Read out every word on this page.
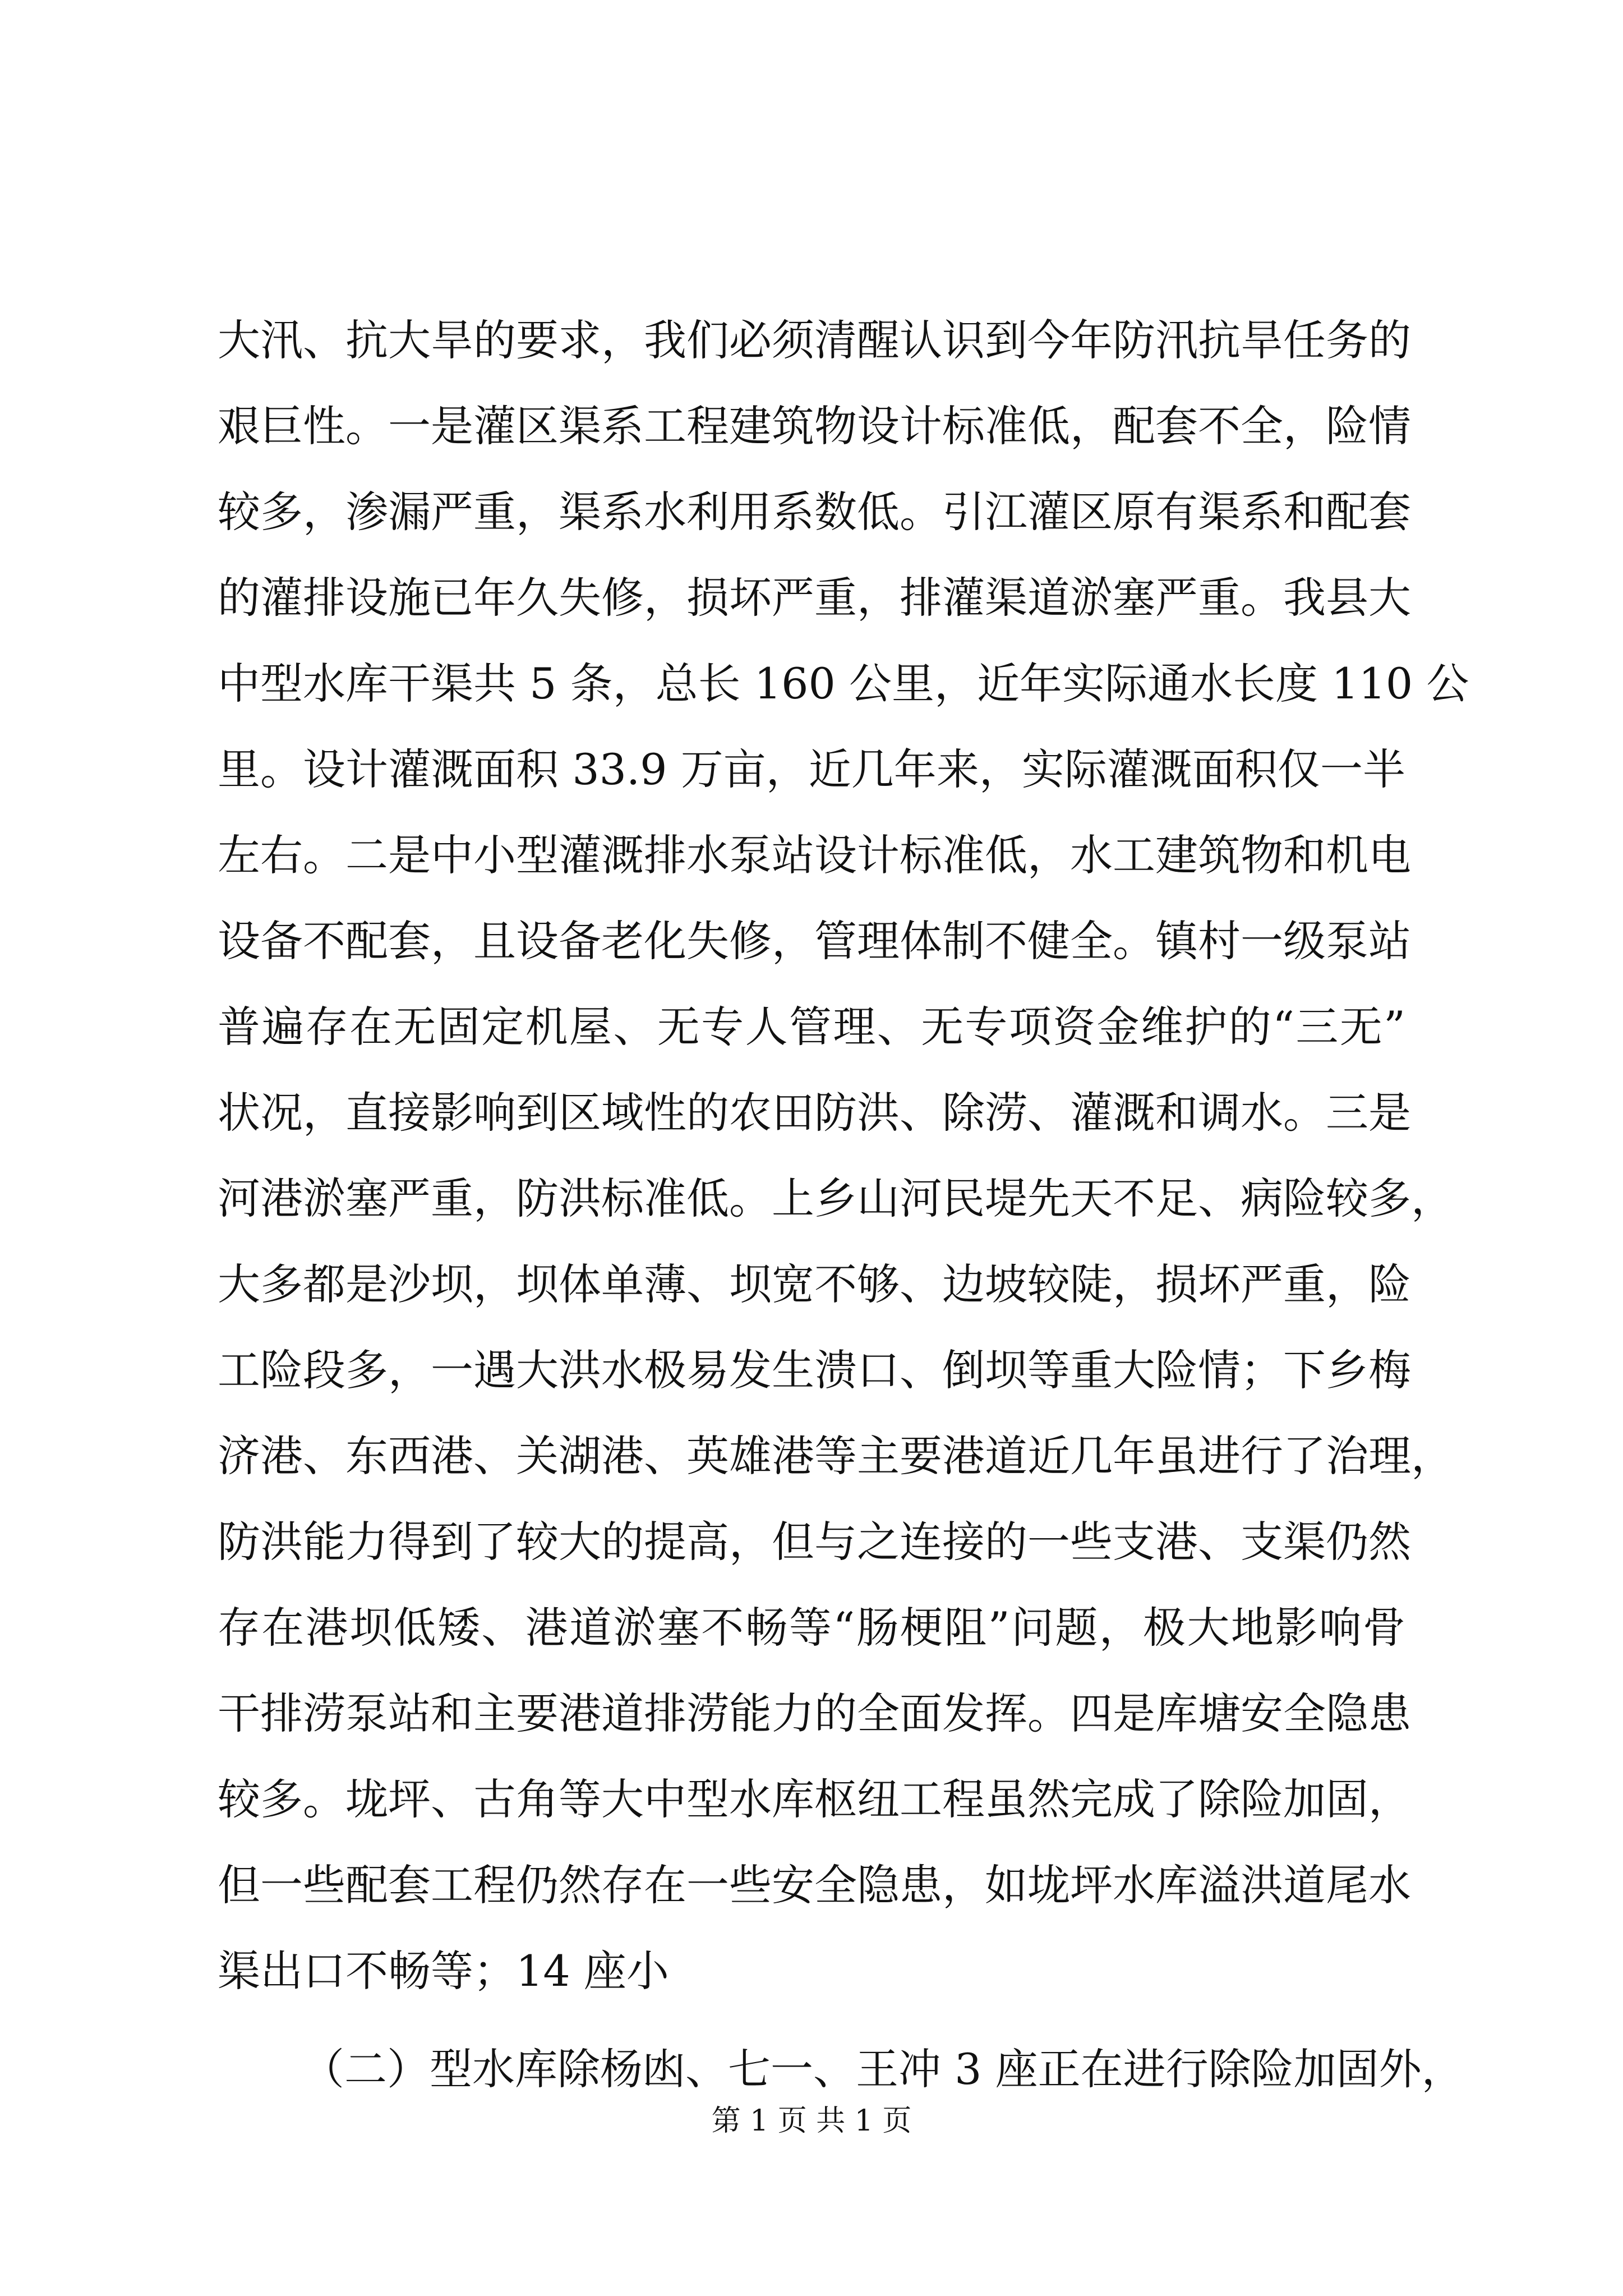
大汛、抗大旱的要求，我们必须清醒认识到今年防汛抗旱任务的
艰巨性。一是灌区渠系工程建筑物设计标准低，配套不全，险情
较多，渗漏严重，渠系水利用系数低。引江灌区原有渠系和配套
的灌排设施已年久失修，损坏严重，排灌渠道淤塞严重。我县大
中型水库干渠共 5 条，总长 160 公里，近年实际通水长度 110 公
里。设计灌溉面积 33.9 万亩，近几年来，实际灌溉面积仅一半
左右。二是中小型灌溉排水泵站设计标准低，水工建筑物和机电
设备不配套，且设备老化失修，管理体制不健全。镇村一级泵站
普遍存在无固定机屋、无专人管理、无专项资金维护的“三无”
状况，直接影响到区域性的农田防洪、除涝、灌溉和调水。三是
河港淤塞严重，防洪标准低。上乡山河民堤先天不足、病险较多，
大多都是沙坝，坝体单薄、坝宽不够、边坡较陡，损坏严重，险
工险段多，一遇大洪水极易发生溃口、倒坝等重大险情；下乡梅
济港、东西港、关湖港、英雄港等主要港道近几年虽进行了治理，
防洪能力得到了较大的提高，但与之连接的一些支港、支渠仍然
存在港坝低矮、港道淤塞不畅等“肠梗阻”问题，极大地影响骨
干排涝泵站和主要港道排涝能力的全面发挥。四是库塘安全隐患
较多。垅坪、古角等大中型水库枢纽工程虽然完成了除险加固，
但一些配套工程仍然存在一些安全隐患，如垅坪水库溢洪道尾水
渠出口不畅等；14 座小
（二）型水库除杨凼、七一、王冲 3 座正在进行除险加固外，
第 1 页 共 1 页
